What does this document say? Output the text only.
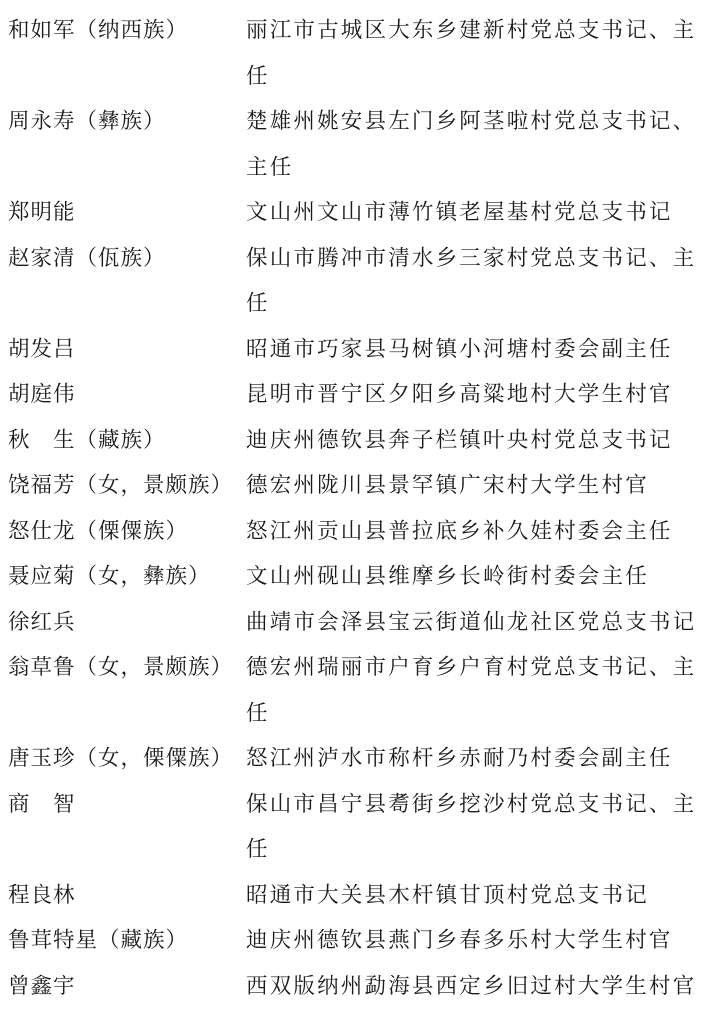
和如军（纳西族）	丽江市古城区大东乡建新村党总支书记、主任
周永寿（彝族）	楚雄州姚安县左门乡阿茎啦村党总支书记、主任
郑明能	文山州文山市薄竹镇老屋基村党总支书记
赵家清（佤族）	保山市腾冲市清水乡三家村党总支书记、主任
胡发吕	昭通市巧家县马树镇小河塘村委会副主任
胡庭伟	昆明市晋宁区夕阳乡高粱地村大学生村官
秋　生（藏族）	迪庆州德钦县奔子栏镇叶央村党总支书记
饶福芳（女，景颇族） 德宏州陇川县景罕镇广宋村大学生村官
怒仕龙（傈僳族）	怒江州贡山县普拉底乡补久娃村委会主任
聂应菊（女，彝族）	文山州砚山县维摩乡长岭街村委会主任
徐红兵	曲靖市会泽县宝云街道仙龙社区党总支书记
翁草鲁（女，景颇族） 德宏州瑞丽市户育乡户育村党总支书记、主任
唐玉珍（女，傈僳族） 怒江州泸水市称杆乡赤耐乃村委会副主任
商　智	保山市昌宁县耈街乡挖沙村党总支书记、主任
程良林	昭通市大关县木杆镇甘顶村党总支书记
鲁茸特星（藏族）	迪庆州德钦县燕门乡春多乐村大学生村官
曾鑫宇	西双版纳州勐海县西定乡旧过村大学生村官
